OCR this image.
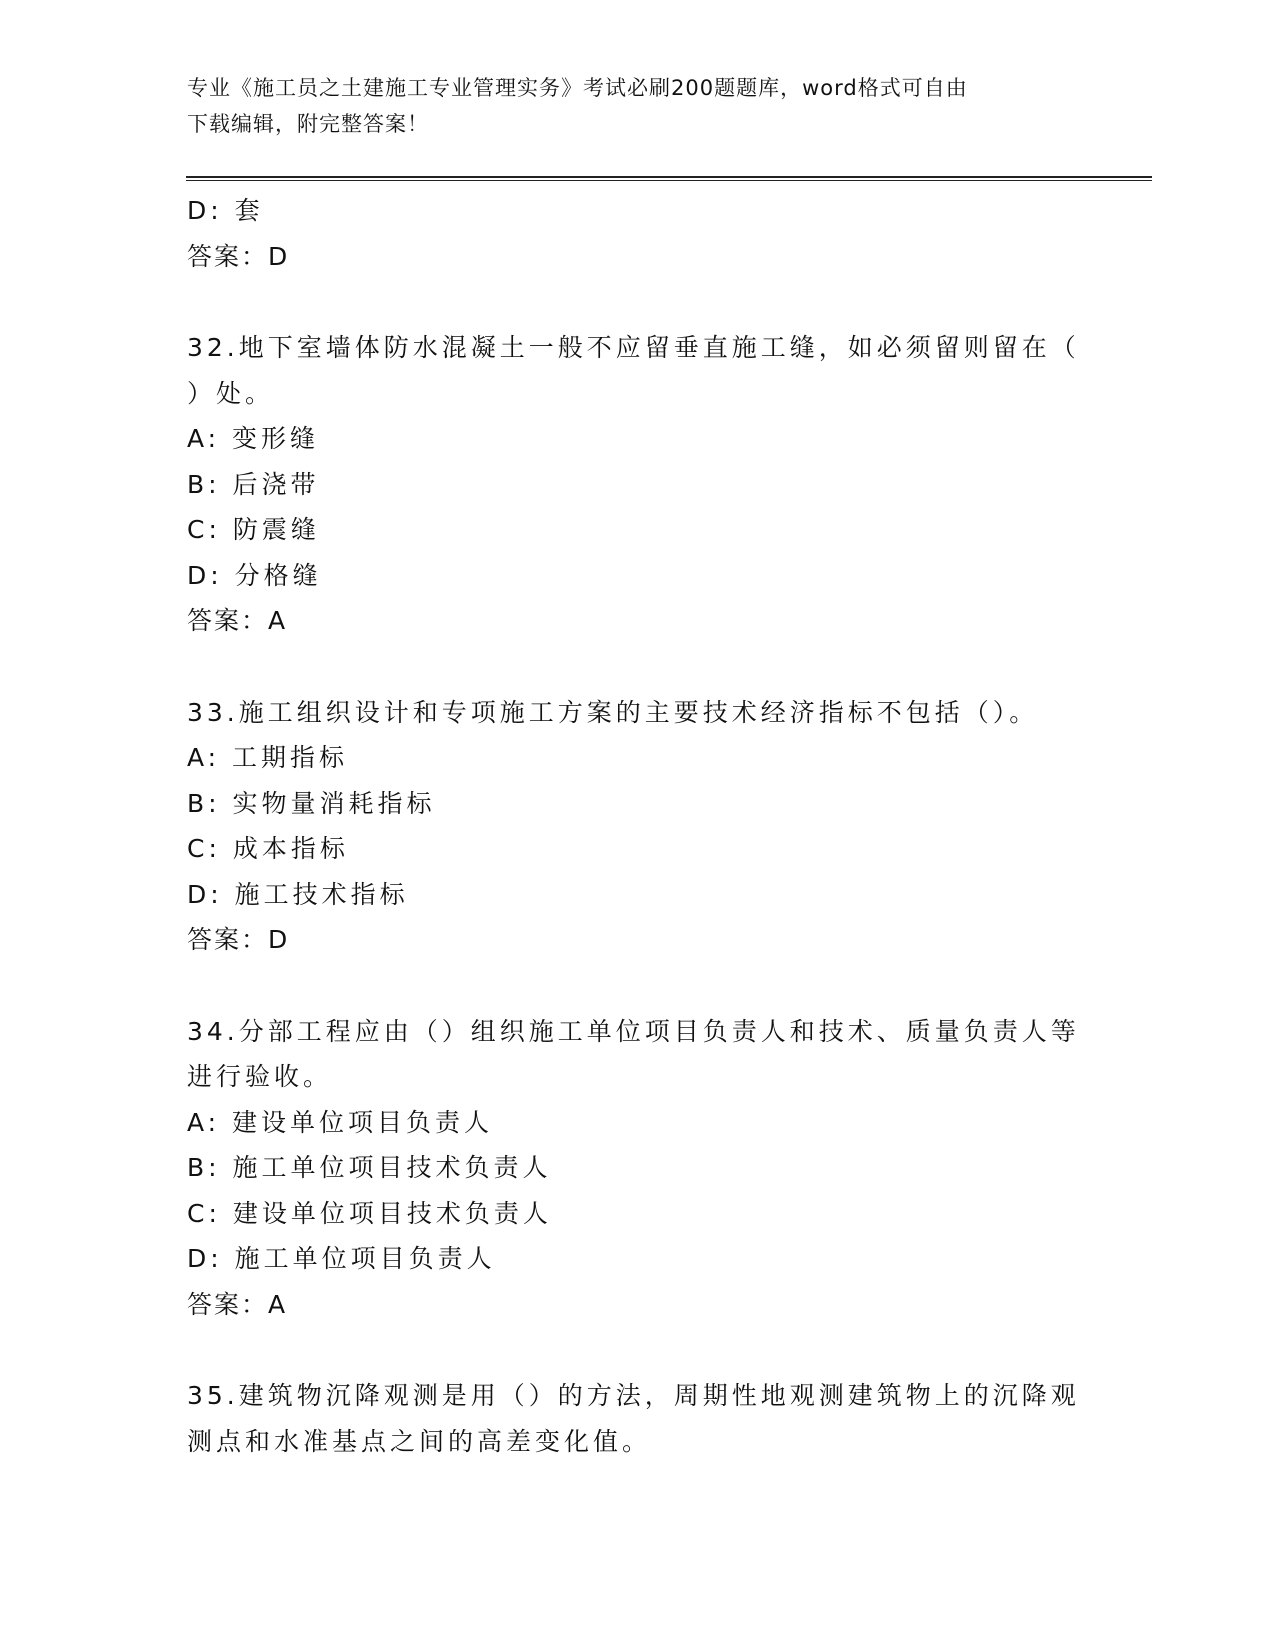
专业《施工员之土建施工专业管理实务》考试必刷200题题库，word格式可自由
下载编辑，附完整答案！
D: 套
答案：D
32.地下室墙体防水混凝土一般不应留垂直施工缝，如必须留则留在（
）处。
A: 变形缝
B: 后浇带
C: 防震缝
D: 分格缝
答案：A
33.施工组织设计和专项施工方案的主要技术经济指标不包括（）。
A: 工期指标
B: 实物量消耗指标
C: 成本指标
D: 施工技术指标
答案：D
34.分部工程应由（）组织施工单位项目负责人和技术、质量负责人等
进行验收。
A: 建设单位项目负责人
B: 施工单位项目技术负责人
C: 建设单位项目技术负责人
D: 施工单位项目负责人
答案：A
35.建筑物沉降观测是用（）的方法，周期性地观测建筑物上的沉降观
测点和水准基点之间的高差变化值。
